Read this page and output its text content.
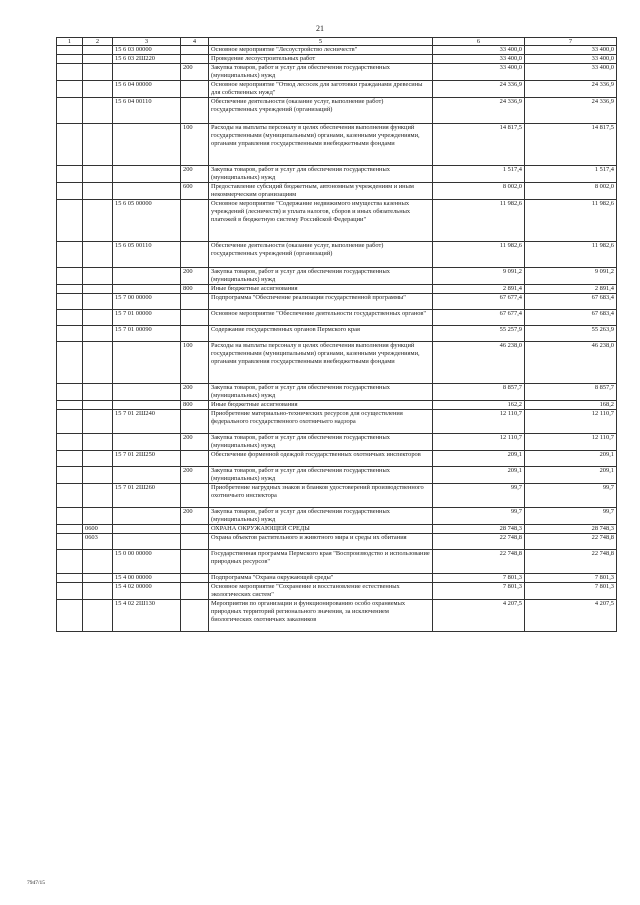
21
1	2	3	4	5	6	7
		15 6 03 00000		Основное мероприятие "Лесоустройство лесничеств"	33 400,0	33 400,0
		15 6 03 2Ш220		Проведение лесоустроительных работ	33 400,0	33 400,0
			200	Закупка товаров, работ и услуг для обеспечения государственных (муниципальных) нужд	33 400,0	33 400,0
		15 6 04 00000		Основное мероприятие "Отвод лесосек для заготовки гражданами древесины для собственных нужд"	24 336,9	24 336,9
		15 6 04 00110		Обеспечение деятельности (оказание услуг, выполнение работ) государственных учреждений (организаций)	24 336,9	24 336,9
			100	Расходы на выплаты персоналу в целях обеспечения выполнения функций государственными (муниципальными) органами, казенными учреждениями, органами управления государственными внебюджетными фондами	14 817,5	14 817,5
			200	Закупка товаров, работ и услуг для обеспечения государственных (муниципальных) нужд	1 517,4	1 517,4
			600	Предоставление субсидий бюджетным, автономным учреждениям и иным некоммерческим организациям	8 002,0	8 002,0
		15 6 05 00000		Основное мероприятие "Содержание недвижимого имущества казенных учреждений (лесничеств) и уплата налогов, сборов и иных обязательных платежей в бюджетную систему Российской Федерации"	11 982,6	11 982,6
		15 6 05 00110		Обеспечение деятельности (оказание услуг, выполнение работ) государственных учреждений (организаций)	11 982,6	11 982,6
			200	Закупка товаров, работ и услуг для обеспечения государственных (муниципальных) нужд	9 091,2	9 091,2
			800	Иные бюджетные ассигнования	2 891,4	2 891,4
		15 7 00 00000		Подпрограмма "Обеспечение реализации государственной программы"	67 677,4	67 683,4
		15 7 01 00000		Основное мероприятие "Обеспечение деятельности государственных органов"	67 677,4	67 683,4
		15 7 01 00090		Содержание государственных органов Пермского края	55 257,9	55 263,9
			100	Расходы на выплаты персоналу в целях обеспечения выполнения функций государственными (муниципальными) органами, казенными учреждениями, органами управления государственными внебюджетными фондами	46 238,0	46 238,0
			200	Закупка товаров, работ и услуг для обеспечения государственных (муниципальных) нужд	8 857,7	8 857,7
			800	Иные бюджетные ассигнования	162,2	168,2
		15 7 01 2Ш240		Приобретение материально-технических ресурсов для осуществления федерального государственного охотничьего надзора	12 110,7	12 110,7
			200	Закупка товаров, работ и услуг для обеспечения государственных (муниципальных) нужд	12 110,7	12 110,7
		15 7 01 2Ш250		Обеспечение форменной одеждой государственных охотничьих инспекторов	209,1	209,1
			200	Закупка товаров, работ и услуг для обеспечения государственных (муниципальных) нужд	209,1	209,1
		15 7 01 2Ш260		Приобретение нагрудных знаков и бланков удостоверений производственного охотничьего инспектора	99,7	99,7
			200	Закупка товаров, работ и услуг для обеспечения государственных (муниципальных) нужд	99,7	99,7
	0600			ОХРАНА ОКРУЖАЮЩЕЙ СРЕДЫ	28 748,3	28 748,3
	0603			Охрана объектов растительного и животного мира и среды их обитания	22 748,8	22 748,8
		15 0 00 00000		Государственная программа Пермского края "Воспроизводство и использование природных ресурсов"	22 748,8	22 748,8
		15 4 00 00000		Подпрограмма "Охрана окружающей среды"	7 801,3	7 801,3
		15 4 02 00000		Основное мероприятие "Сохранение и восстановление естественных экологических систем"	7 801,3	7 801,3
		15 4 02 2Ш130		Мероприятия по организации и функционированию особо охраняемых природных территорий регионального значения, за исключением биологических охотничьих заказников	4 207,5	4 207,5
7947/15
